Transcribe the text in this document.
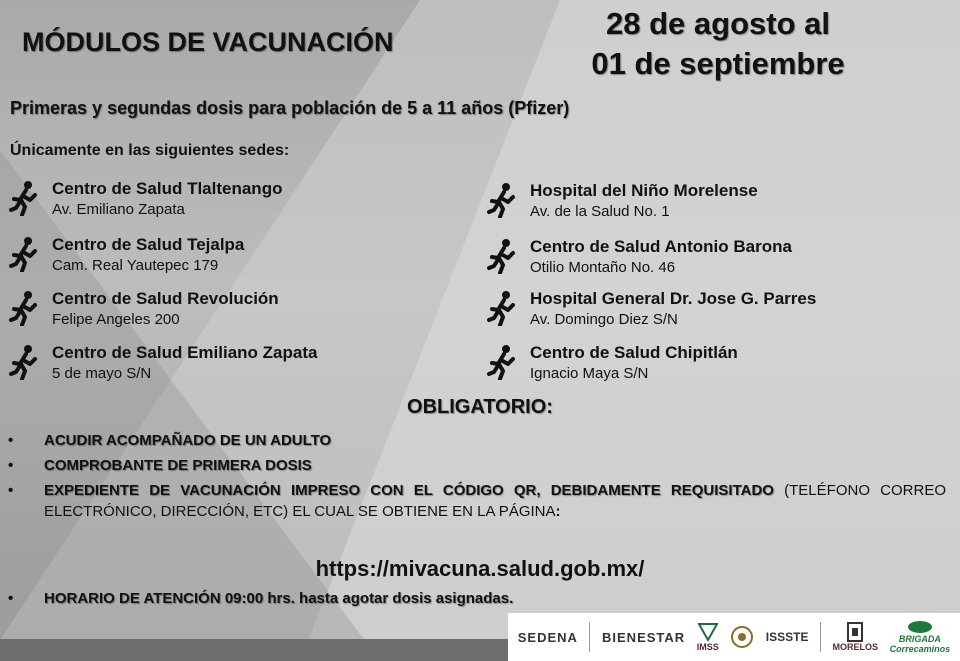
MÓDULOS DE VACUNACIÓN
28 de agosto al
01 de septiembre
Primeras y segundas dosis para población de 5 a 11 años (Pfizer)
Únicamente en las siguientes sedes:
Centro de Salud Tlaltenango
Av. Emiliano Zapata
Centro de Salud Tejalpa
Cam. Real Yautepec 179
Centro de Salud Revolución
Felipe Angeles 200
Centro de Salud Emiliano Zapata
5 de mayo S/N
Hospital del Niño Morelense
Av. de la Salud No. 1
Centro de Salud Antonio Barona
Otilio Montaño No. 46
Hospital General Dr. Jose G. Parres
Av. Domingo Diez S/N
Centro de Salud Chipitlán
Ignacio Maya S/N
OBLIGATORIO:
• ACUDIR ACOMPAÑADO DE UN ADULTO
• COMPROBANTE DE PRIMERA DOSIS
• EXPEDIENTE DE VACUNACIÓN IMPRESO CON EL CÓDIGO QR, DEBIDAMENTE REQUISITADO (TELÉFONO CORREO ELECTRÓNICO, DIRECCIÓN, ETC) EL CUAL SE OBTIENE EN LA PÁGINA:
https://mivacuna.salud.gob.mx/
• HORARIO DE ATENCIÓN 09:00 hrs. hasta agotar dosis asignadas.
SEDENA BIENESTAR
IMSS
ISSSTE
MORELOS
BRIGADA
Correcaminos
